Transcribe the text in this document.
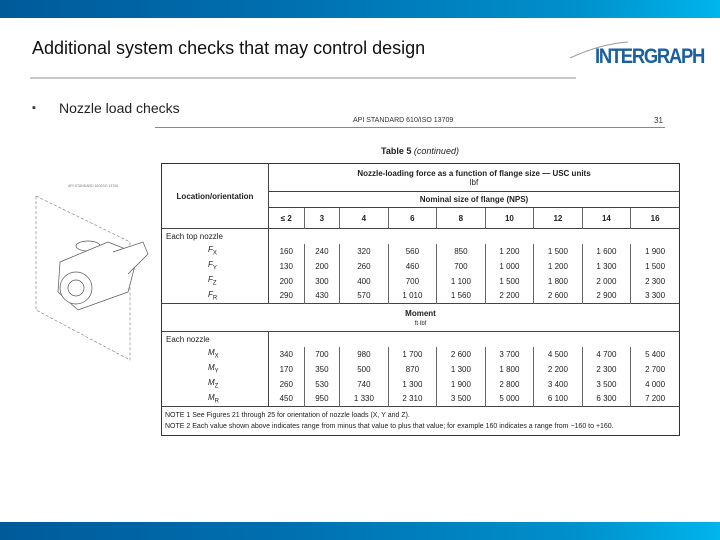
Additional system checks that may control design	INTERGRAPH
▪ Nozzle load checks
API STANDARD 610/ISO 13709
API STANDARD 610/ISO 13709	31
Table 5 (continued)
Location/orientation	Nozzle-loading force as a function of flange size — USC units
lbf								
	Nominal size of flange (NPS)								
	≤ 2	3	4	6	8	10	12	14	16
Each top nozzle									
$F_X$	160	240	320	560	850	1 200	1 500	1 600	1 900
$F_Y$	130	200	260	460	700	1 000	1 200	1 300	1 500
$F_Z$	200	300	400	700	1 100	1 500	1 800	2 000	2 300
$F_R$	290	430	570	1 010	1 560	2 200	2 600	2 900	3 300
Moment
ft·lbf									
Each nozzle									
$M_X$	340	700	980	1 700	2 600	3 700	4 500	4 700	5 400
$M_Y$	170	350	500	870	1 300	1 800	2 200	2 300	2 700
$M_Z$	260	530	740	1 300	1 900	2 800	3 400	3 500	4 000
$M_R$	450	950	1 330	2 310	3 500	5 000	6 100	6 300	7 200

NOTE 1 See Figures 21 through 25 for orientation of nozzle loads (X, Y and Z).
NOTE 2 Each value shown above indicates range from minus that value to plus that value; for example 160 indicates a range from −160 to +160.									
